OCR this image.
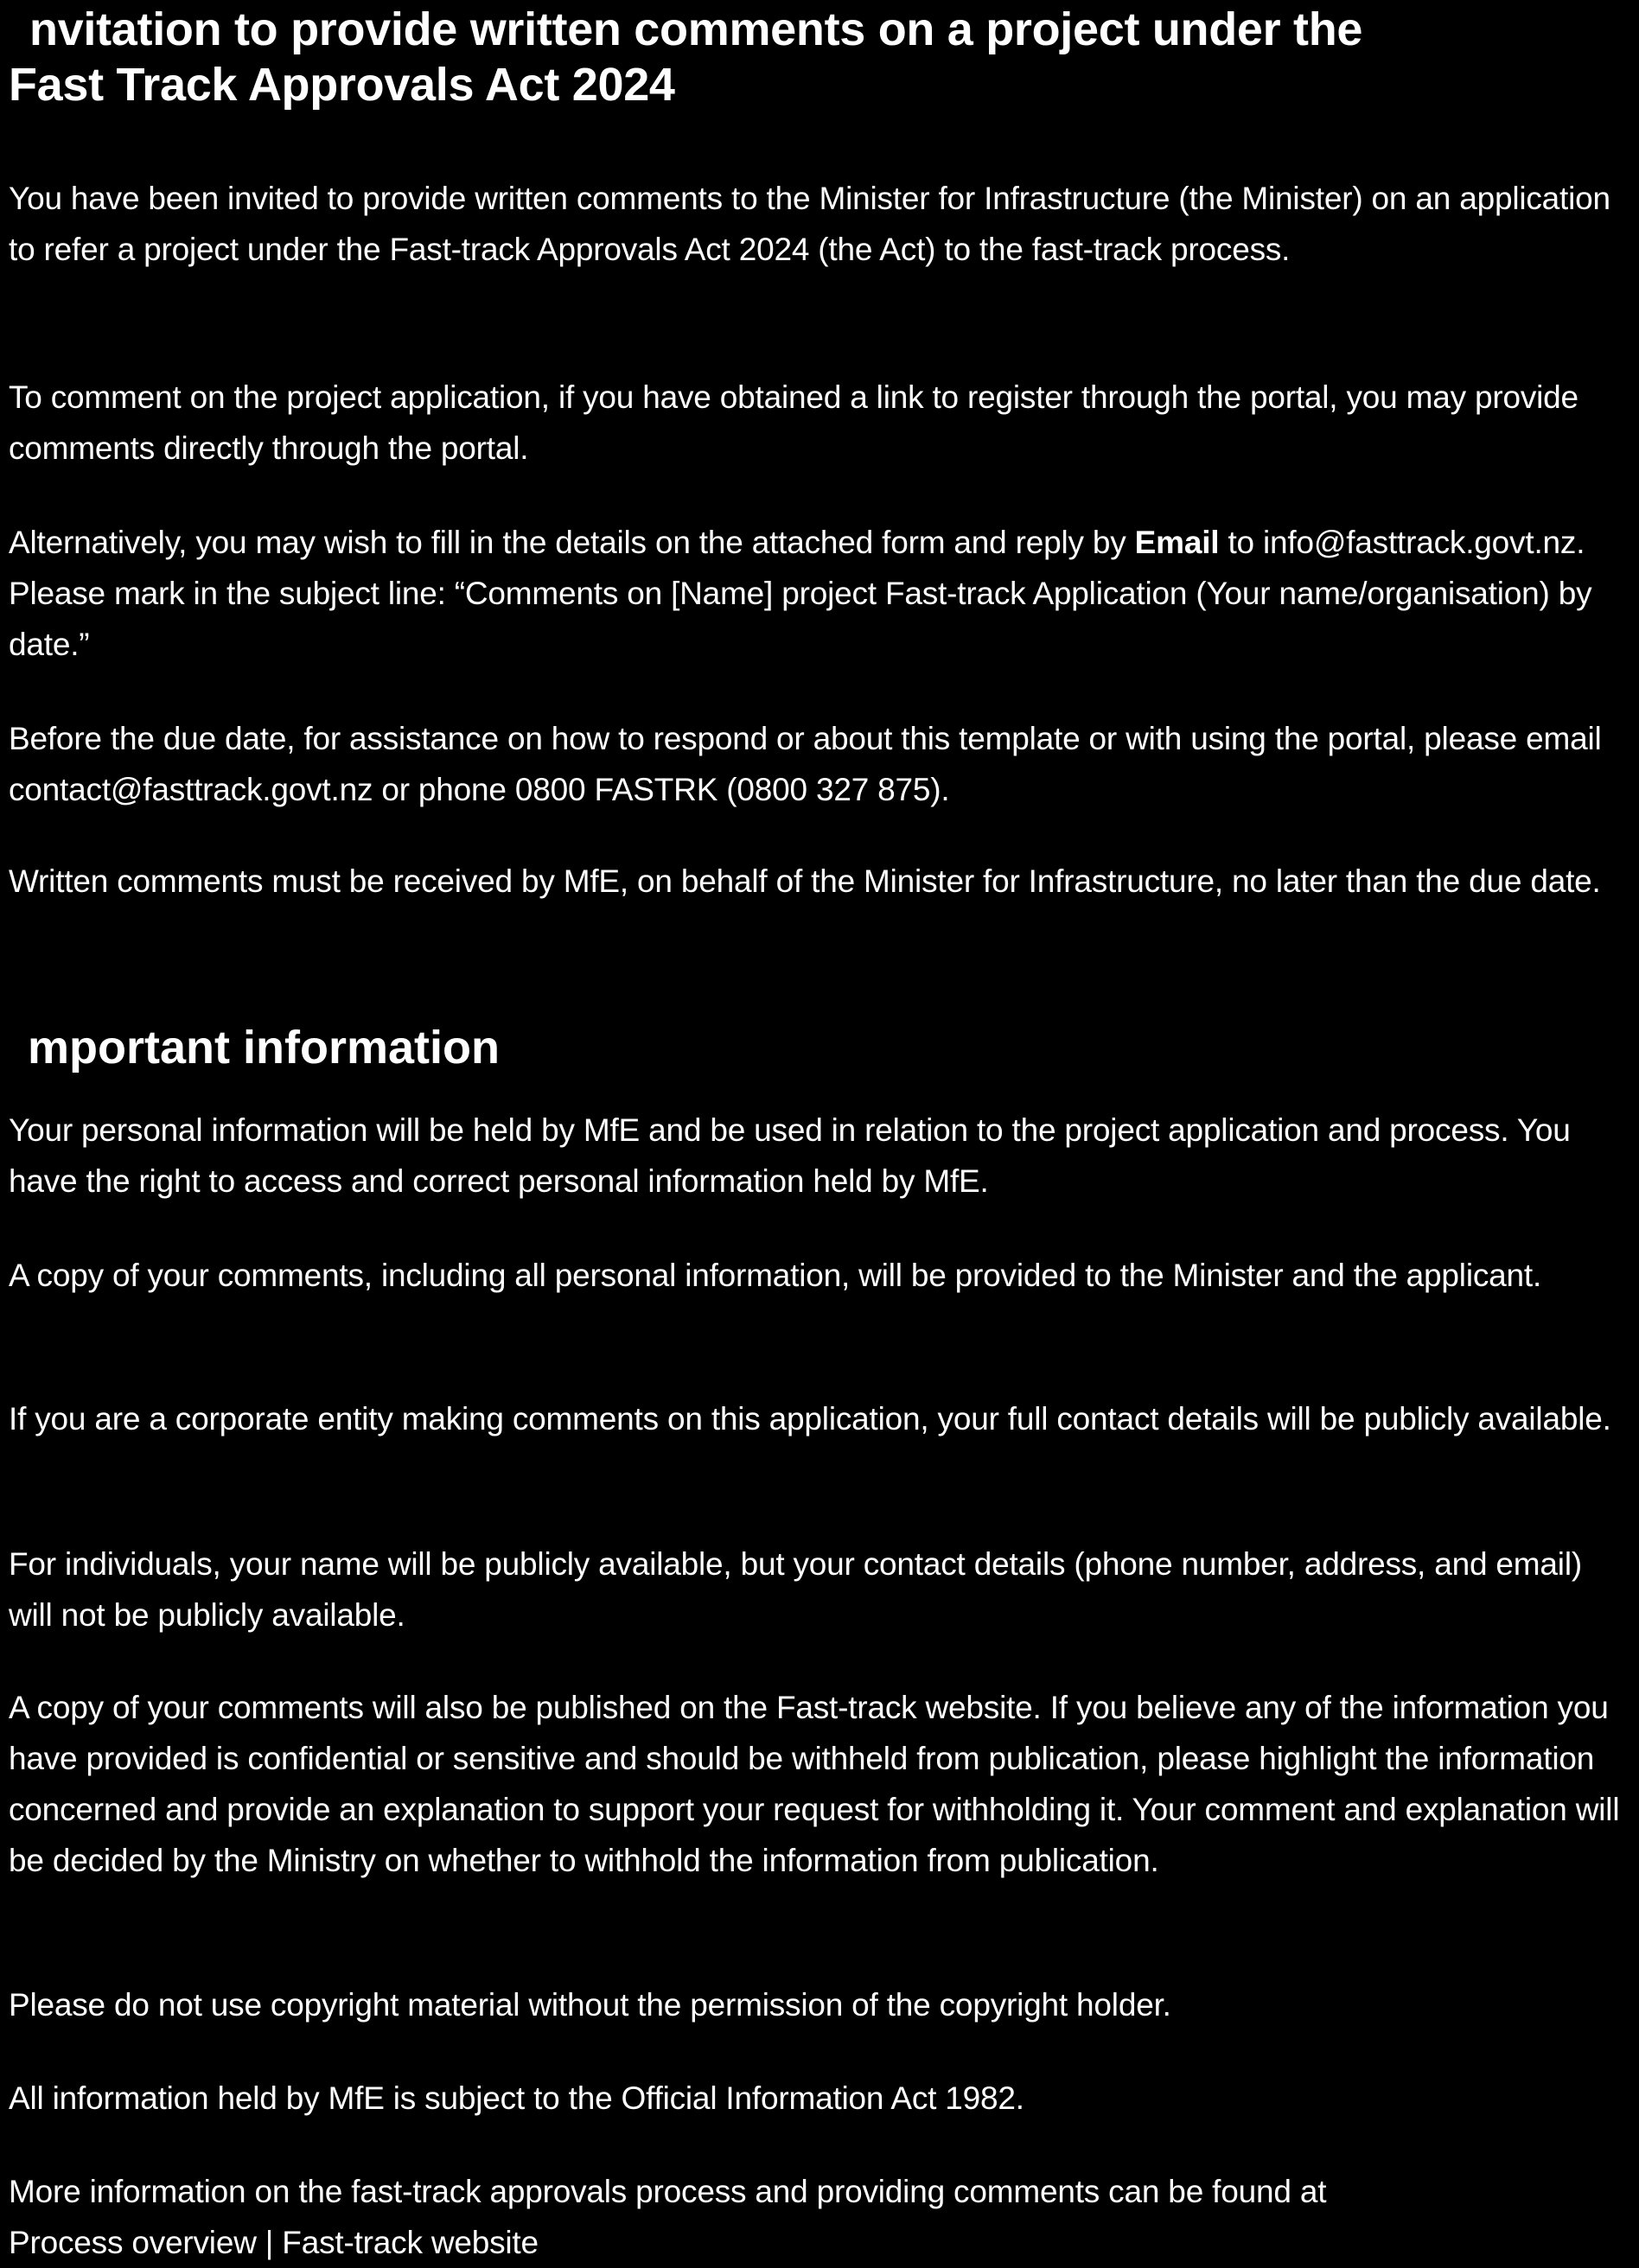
nvitation to provide written comments on a project under the
Fast Track Approvals Act 2024

You have been invited to provide written comments to the Minister for Infrastructure (the Minister) on an application to refer a project under the Fast-track Approvals Act 2024 (the Act) to the fast-track process.

To comment on the project application, if you have obtained a link to register through the portal, you may provide comments directly through the portal.

Alternatively, you may wish to fill in the details on the attached form and reply by Email to info@fasttrack.govt.nz. Please mark in the subject line: “Comments on [Name] project Fast-track Application (Your name/organisation) by date.”

Before the due date, for assistance on how to respond or about this template or with using the portal, please email contact@fasttrack.govt.nz or phone 0800 FASTRK (0800 327 875).

Written comments must be received by MfE, on behalf of the Minister for Infrastructure, no later than the due date.

mportant information

Your personal information will be held by MfE and be used in relation to the project application and process. You have the right to access and correct personal information held by MfE.

A copy of your comments, including all personal information, will be provided to the Minister and the applicant.

If you are a corporate entity making comments on this application, your full contact details will be publicly available.

For individuals, your name will be publicly available, but your contact details (phone number, address, and email) will not be publicly available.

A copy of your comments will also be published on the Fast-track website. If you believe any of the information you have provided is confidential or sensitive and should be withheld from publication, please highlight the information concerned and provide an explanation to support your request for withholding it. Your comment and explanation will be decided by the Ministry on whether to withhold the information from publication.

Please do not use copyright material without the permission of the copyright holder.

All information held by MfE is subject to the Official Information Act 1982.

More information on the fast-track approvals process and providing comments can be found at
Process overview | Fast-track website
